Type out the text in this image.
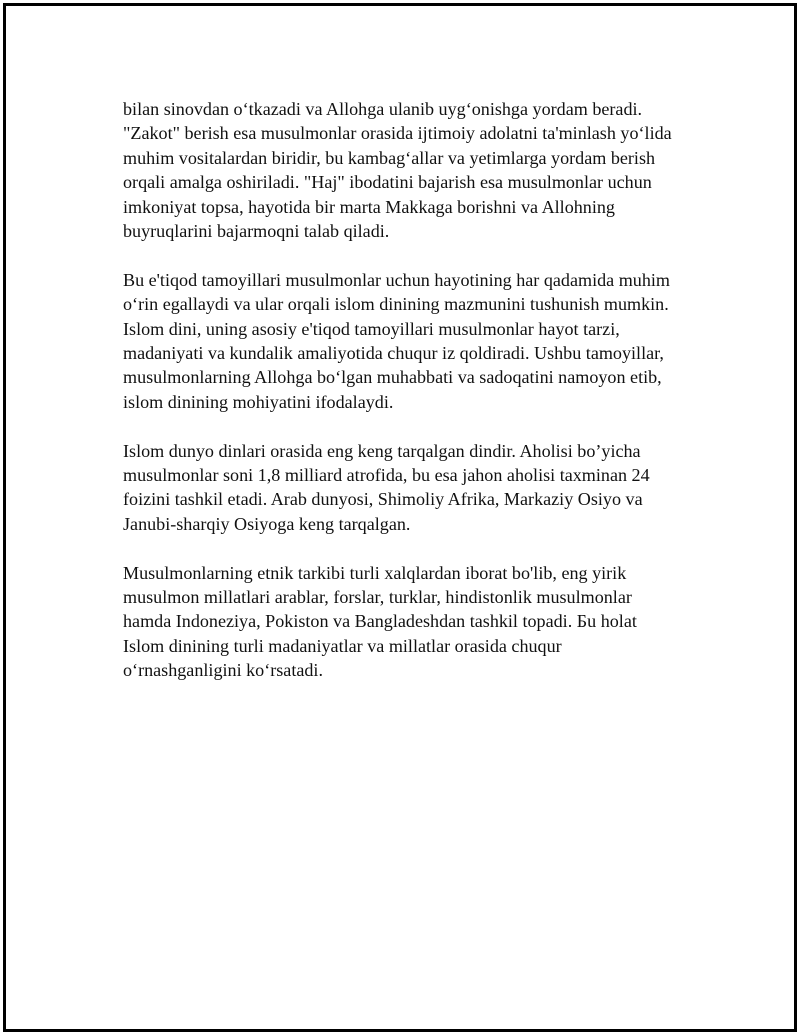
bilan sinovdan o‘tkazadi va Allohga ulanib uyg‘onishga yordam beradi.
"Zakot" berish esa musulmonlar orasida ijtimoiy adolatni ta'minlash yo‘lida
muhim vositalardan biridir, bu kambag‘allar va yetimlarga yordam berish
orqali amalga oshiriladi. "Haj" ibodatini bajarish esa musulmonlar uchun
imkoniyat topsa, hayotida bir marta Makkaga borishni va Allohning
buyruqlarini bajarmoqni talab qiladi.

Bu e'tiqod tamoyillari musulmonlar uchun hayotining har qadamida muhim
o‘rin egallaydi va ular orqali islom dinining mazmunini tushunish mumkin.
Islom dini, uning asosiy e'tiqod tamoyillari musulmonlar hayot tarzi,
madaniyati va kundalik amaliyotida chuqur iz qoldiradi. Ushbu tamoyillar,
musulmonlarning Allohga bo‘lgan muhabbati va sadoqatini namoyon etib,
islom dinining mohiyatini ifodalaydi.

Islom dunyo dinlari orasida eng keng tarqalgan dindir. Aholisi bo’yicha
musulmonlar soni 1,8 milliard atrofida, bu esa jahon aholisi taxminan 24
foizini tashkil etadi. Arab dunyosi, Shimoliy Afrika, Markaziy Osiyo va
Janubi-sharqiy Osiyoga keng tarqalgan.

Musulmonlarning etnik tarkibi turli xalqlardan iborat bo'lib, eng yirik
musulmon millatlari arablar, forslar, turklar, hindistonlik musulmonlar
hamda Indoneziya, Pokiston va Bangladeshdan tashkil topadi. Бu holat
Islom dinining turli madaniyatlar va millatlar orasida chuqur
o‘rnashganligini ko‘rsatadi.
